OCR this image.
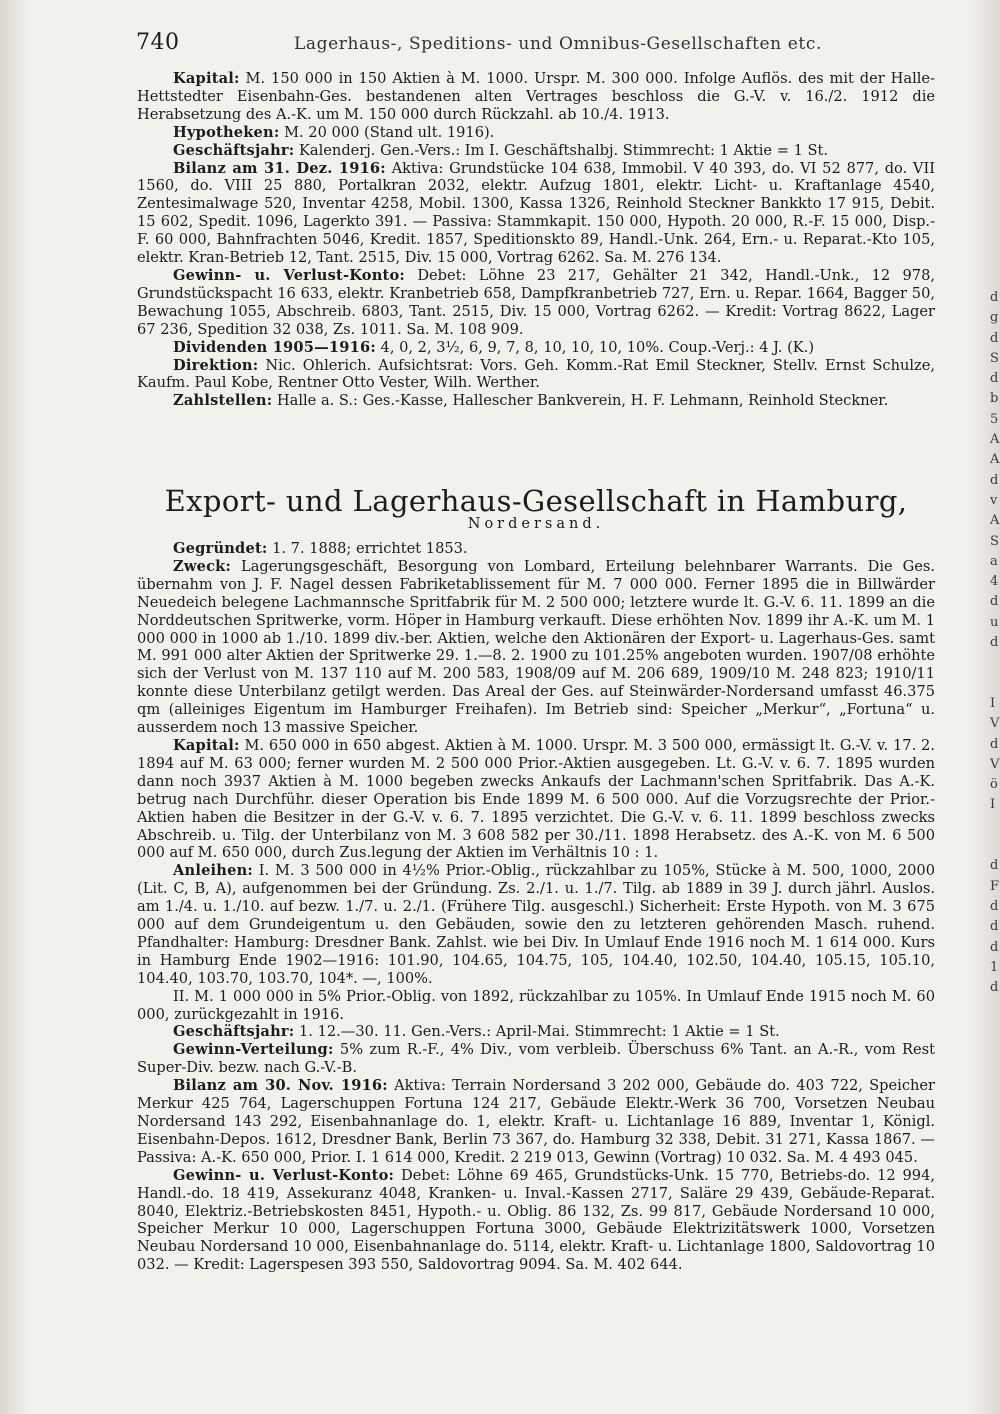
740	Lagerhaus-, Speditions- und Omnibus-Gesellschaften etc.

Kapital: M. 150 000 in 150 Aktien à M. 1000. Urspr. M. 300 000. Infolge Auflös. des mit der Halle-Hettstedter Eisenbahn-Ges. bestandenen alten Vertrages beschloss die G.-V. v. 16./2. 1912 die Herabsetzung des A.-K. um M. 150 000 durch Rückzahl. ab 10./4. 1913.

Hypotheken: M. 20 000 (Stand ult. 1916).

Geschäftsjahr: Kalenderj. Gen.-Vers.: Im I. Geschäftshalbj. Stimmrecht: 1 Aktie = 1 St.

Bilanz am 31. Dez. 1916: Aktiva: Grundstücke 104 638, Immobil. V 40 393, do. VI 52 877, do. VII 1560, do. VIII 25 880, Portalkran 2032, elektr. Aufzug 1801, elektr. Licht- u. Kraftanlage 4540, Zentesimalwage 520, Inventar 4258, Mobil. 1300, Kassa 1326, Reinhold Steckner Bankkto 17 915, Debit. 15 602, Spedit. 1096, Lagerkto 391. — Passiva: Stammkapit. 150 000, Hypoth. 20 000, R.-F. 15 000, Disp.-F. 60 000, Bahnfrachten 5046, Kredit. 1857, Speditionskto 89, Handl.-Unk. 264, Ern.- u. Reparat.-Kto 105, elektr. Kran-Betrieb 12, Tant. 2515, Div. 15 000, Vortrag 6262. Sa. M. 276 134.

Gewinn- u. Verlust-Konto: Debet: Löhne 23 217, Gehälter 21 342, Handl.-Unk., 12 978, Grundstückspacht 16 633, elektr. Kranbetrieb 658, Dampfkranbetrieb 727, Ern. u. Repar. 1664, Bagger 50, Bewachung 1055, Abschreib. 6803, Tant. 2515, Div. 15 000, Vortrag 6262. — Kredit: Vortrag 8622, Lager 67 236, Spedition 32 038, Zs. 1011. Sa. M. 108 909.

Dividenden 1905—1916: 4, 0, 2, 3½, 6, 9, 7, 8, 10, 10, 10, 10%. Coup.-Verj.: 4 J. (K.)

Direktion: Nic. Ohlerich. Aufsichtsrat: Vors. Geh. Komm.-Rat Emil Steckner, Stellv. Ernst Schulze, Kaufm. Paul Kobe, Rentner Otto Vester, Wilh. Werther.

Zahlstellen: Halle a. S.: Ges.-Kasse, Hallescher Bankverein, H. F. Lehmann, Reinhold Steckner.

Export- und Lagerhaus-Gesellschaft in Hamburg,
Nordersand.

Gegründet: 1. 7. 1888; errichtet 1853.

Zweck: Lagerungsgeschäft, Besorgung von Lombard, Erteilung belehnbarer Warrants. Die Ges. übernahm von J. F. Nagel dessen Fabriketablissement für M. 7 000 000. Ferner 1895 die in Billwärder Neuedeich belegene Lachmannsche Spritfabrik für M. 2 500 000; letztere wurde lt. G.-V. 6. 11. 1899 an die Norddeutschen Spritwerke, vorm. Höper in Hamburg verkauft. Diese erhöhten Nov. 1899 ihr A.-K. um M. 1 000 000 in 1000 ab 1./10. 1899 div.-ber. Aktien, welche den Aktionären der Export- u. Lagerhaus-Ges. samt M. 991 000 alter Aktien der Spritwerke 29. 1.—8. 2. 1900 zu 101.25% angeboten wurden. 1907/08 erhöhte sich der Verlust von M. 137 110 auf M. 200 583, 1908/09 auf M. 206 689, 1909/10 M. 248 823; 1910/11 konnte diese Unterbilanz getilgt werden. Das Areal der Ges. auf Steinwärder-Nordersand umfasst 46.375 qm (alleiniges Eigentum im Hamburger Freihafen). Im Betrieb sind: Speicher „Merkur“, „Fortuna“ u. ausserdem noch 13 massive Speicher.

Kapital: M. 650 000 in 650 abgest. Aktien à M. 1000. Urspr. M. 3 500 000, ermässigt lt. G.-V. v. 17. 2. 1894 auf M. 63 000; ferner wurden M. 2 500 000 Prior.-Aktien ausgegeben. Lt. G.-V. v. 6. 7. 1895 wurden dann noch 3937 Aktien à M. 1000 begeben zwecks Ankaufs der Lachmann'schen Spritfabrik. Das A.-K. betrug nach Durchführ. dieser Operation bis Ende 1899 M. 6 500 000. Auf die Vorzugsrechte der Prior.-Aktien haben die Besitzer in der G.-V. v. 6. 7. 1895 verzichtet. Die G.-V. v. 6. 11. 1899 beschloss zwecks Abschreib. u. Tilg. der Unterbilanz von M. 3 608 582 per 30./11. 1898 Herabsetz. des A.-K. von M. 6 500 000 auf M. 650 000, durch Zus.legung der Aktien im Verhältnis 10 : 1.

Anleihen: I. M. 3 500 000 in 4½% Prior.-Oblig., rückzahlbar zu 105%, Stücke à M. 500, 1000, 2000 (Lit. C, B, A), aufgenommen bei der Gründung. Zs. 2./1. u. 1./7. Tilg. ab 1889 in 39 J. durch jährl. Auslos. am 1./4. u. 1./10. auf bezw. 1./7. u. 2./1. (Frühere Tilg. ausgeschl.) Sicherheit: Erste Hypoth. von M. 3 675 000 auf dem Grundeigentum u. den Gebäuden, sowie den zu letzteren gehörenden Masch. ruhend. Pfandhalter: Hamburg: Dresdner Bank. Zahlst. wie bei Div. In Umlauf Ende 1916 noch M. 1 614 000. Kurs in Hamburg Ende 1902—1916: 101.90, 104.65, 104.75, 105, 104.40, 102.50, 104.40, 105.15, 105.10, 104.40, 103.70, 103.70, 104*. —, 100%.

II. M. 1 000 000 in 5% Prior.-Oblig. von 1892, rückzahlbar zu 105%. In Umlauf Ende 1915 noch M. 60 000, zurückgezahlt in 1916.

Geschäftsjahr: 1. 12.—30. 11. Gen.-Vers.: April-Mai. Stimmrecht: 1 Aktie = 1 St.

Gewinn-Verteilung: 5% zum R.-F., 4% Div., vom verbleib. Überschuss 6% Tant. an A.-R., vom Rest Super-Div. bezw. nach G.-V.-B.

Bilanz am 30. Nov. 1916: Aktiva: Terrain Nordersand 3 202 000, Gebäude do. 403 722, Speicher Merkur 425 764, Lagerschuppen Fortuna 124 217, Gebäude Elektr.-Werk 36 700, Vorsetzen Neubau Nordersand 143 292, Eisenbahnanlage do. 1, elektr. Kraft- u. Lichtanlage 16 889, Inventar 1, Königl. Eisenbahn-Depos. 1612, Dresdner Bank, Berlin 73 367, do. Hamburg 32 338, Debit. 31 271, Kassa 1867. — Passiva: A.-K. 650 000, Prior. I. 1 614 000, Kredit. 2 219 013, Gewinn (Vortrag) 10 032. Sa. M. 4 493 045.

Gewinn- u. Verlust-Konto: Debet: Löhne 69 465, Grundstücks-Unk. 15 770, Betriebs-do. 12 994, Handl.-do. 18 419, Assekuranz 4048, Kranken- u. Inval.-Kassen 2717, Saläre 29 439, Gebäude-Reparat. 8040, Elektriz.-Betriebskosten 8451, Hypoth.- u. Oblig. 86 132, Zs. 99 817, Gebäude Nordersand 10 000, Speicher Merkur 10 000, Lagerschuppen Fortuna 3000, Gebäude Elektrizitätswerk 1000, Vorsetzen Neubau Nordersand 10 000, Eisenbahnanlage do. 5114, elektr. Kraft- u. Lichtanlage 1800, Saldovortrag 10 032. — Kredit: Lagerspesen 393 550, Saldovortrag 9094. Sa. M. 402 644.

d
g
d
S
d
b
5
A
A
d
v
A
S
a
4
d
u
d

I
V
d
V
ö
I

d
F
d
d
d
1
d
